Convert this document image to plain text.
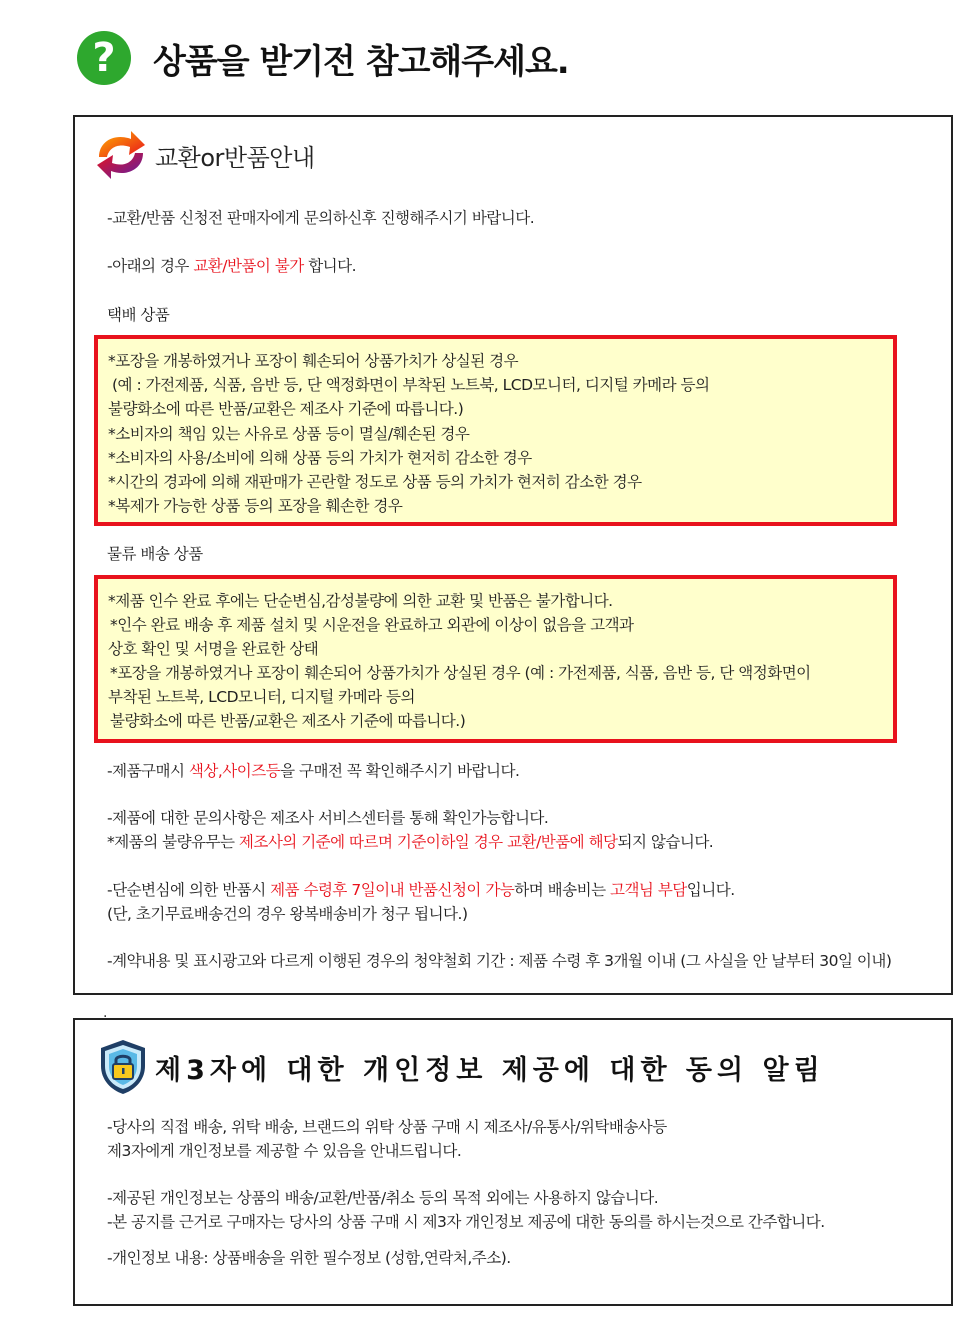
?	상품을 받기전 참고해주세요.
교환or반품안내
-교환/반품 신청전 판매자에게 문의하신후 진행해주시기 바랍니다.
-아래의 경우 교환/반품이 불가 합니다.
택배 상품
*포장을 개봉하였거나 포장이 훼손되어 상품가치가 상실된 경우
(예 : 가전제품, 식품, 음반 등, 단 액정화면이 부착된 노트북, LCD모니터, 디지털 카메라 등의
불량화소에 따른 반품/교환은 제조사 기준에 따릅니다.)
*소비자의 책임 있는 사유로 상품 등이 멸실/훼손된 경우
*소비자의 사용/소비에 의해 상품 등의 가치가 현저히 감소한 경우
*시간의 경과에 의해 재판매가 곤란할 정도로 상품 등의 가치가 현저히 감소한 경우
*복제가 가능한 상품 등의 포장을 훼손한 경우
물류 배송 상품
*제품 인수 완료 후에는 단순변심,감성불량에 의한 교환 및 반품은 불가합니다.
*인수 완료 배송 후 제품 설치 및 시운전을 완료하고 외관에 이상이 없음을 고객과
상호 확인 및 서명을 완료한 상태
*포장을 개봉하였거나 포장이 훼손되어 상품가치가 상실된 경우 (예 : 가전제품, 식품, 음반 등, 단 액정화면이
부착된 노트북, LCD모니터, 디지털 카메라 등의
불량화소에 따른 반품/교환은 제조사 기준에 따릅니다.)
-제품구매시 색상,사이즈등을 구매전 꼭 확인해주시기 바랍니다.
-제품에 대한 문의사항은 제조사 서비스센터를 통해 확인가능합니다.
*제품의 불량유무는 제조사의 기준에 따르며 기준이하일 경우 교환/반품에 해당되지 않습니다.
-단순변심에 의한 반품시 제품 수령후 7일이내 반품신청이 가능하며 배송비는 고객님 부담입니다.
(단, 초기무료배송건의 경우 왕복배송비가 청구 됩니다.)
-계약내용 및 표시광고와 다르게 이행된 경우의 청약철회 기간 : 제품 수령 후 3개월 이내 (그 사실을 안 날부터 30일 이내)
.
제3자에 대한 개인정보 제공에 대한 동의 알림
-당사의 직접 배송, 위탁 배송, 브랜드의 위탁 상품 구매 시 제조사/유통사/위탁배송사등
제3자에게 개인정보를 제공할 수 있음을 안내드립니다.
-제공된 개인정보는 상품의 배송/교환/반품/취소 등의 목적 외에는 사용하지 않습니다.
-본 공지를 근거로 구매자는 당사의 상품 구매 시 제3자 개인정보 제공에 대한 동의를 하시는것으로 간주합니다.
-개인정보 내용: 상품배송을 위한 필수정보 (성함,연락처,주소).
